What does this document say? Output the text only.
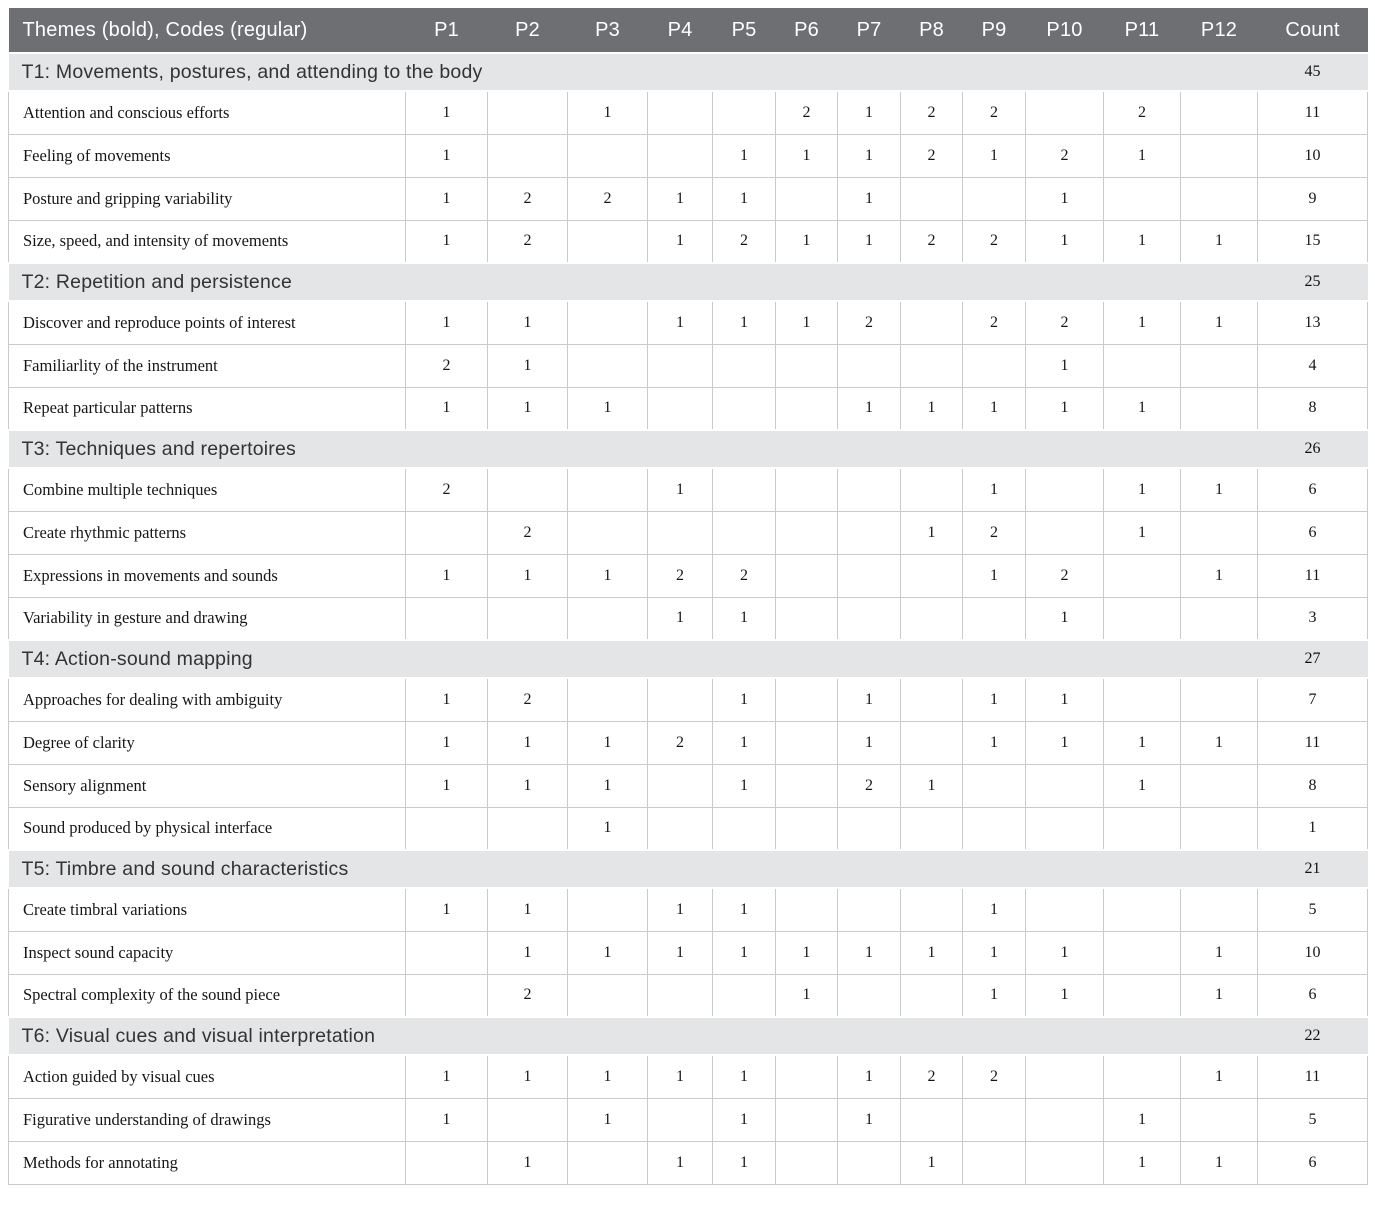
Themes (bold), Codes (regular)	P1	P2	P3	P4	P5	P6	P7	P8	P9	P10	P11	P12	Count
T1: Movements, postures, and attending to the body													45
Attention and conscious efforts	1		1			2	1	2	2		2		11
Feeling of movements	1				1	1	1	2	1	2	1		10
Posture and gripping variability	1	2	2	1	1		1			1			9
Size, speed, and intensity of movements	1	2		1	2	1	1	2	2	1	1	1	15
T2: Repetition and persistence													25
Discover and reproduce points of interest	1	1		1	1	1	2		2	2	1	1	13
Familiarlity of the instrument	2	1								1			4
Repeat particular patterns	1	1	1				1	1	1	1	1		8
T3: Techniques and repertoires													26
Combine multiple techniques	2			1					1		1	1	6
Create rhythmic patterns		2						1	2		1		6
Expressions in movements and sounds	1	1	1	2	2				1	2		1	11
Variability in gesture and drawing				1	1					1			3
T4: Action-sound mapping													27
Approaches for dealing with ambiguity	1	2			1		1		1	1			7
Degree of clarity	1	1	1	2	1		1		1	1	1	1	11
Sensory alignment	1	1	1		1		2	1			1		8
Sound produced by physical interface			1										1
T5: Timbre and sound characteristics													21
Create timbral variations	1	1		1	1				1				5
Inspect sound capacity		1	1	1	1	1	1	1	1	1		1	10
Spectral complexity of the sound piece		2				1			1	1		1	6
T6: Visual cues and visual interpretation													22
Action guided by visual cues	1	1	1	1	1		1	2	2			1	11
Figurative understanding of drawings	1		1		1		1				1		5
Methods for annotating		1		1	1			1			1	1	6
